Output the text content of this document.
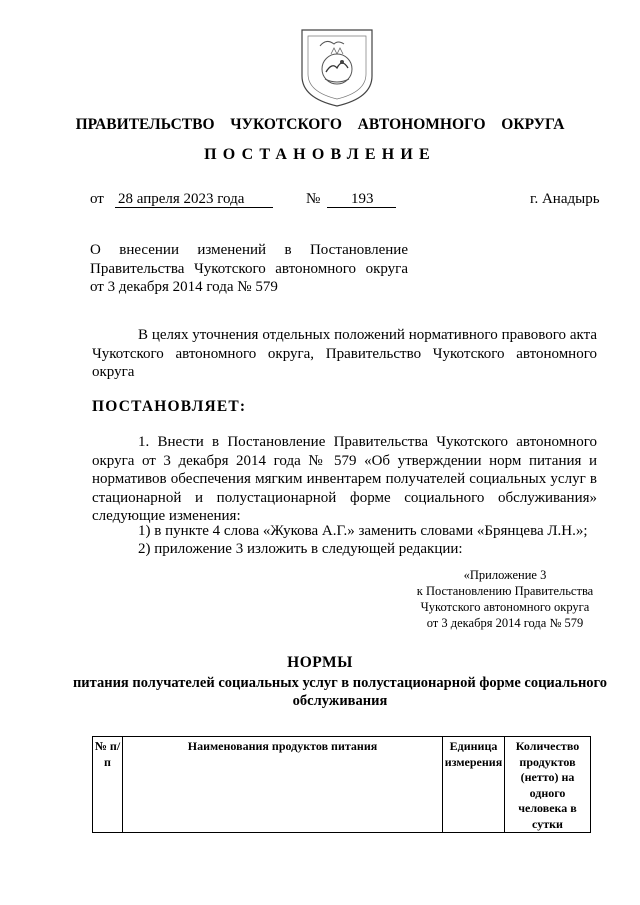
ПРАВИТЕЛЬСТВО  ЧУКОТСКОГО  АВТОНОМНОГО  ОКРУГА
ПОСТАНОВЛЕНИЕ
от 28 апреля 2023 года	№ 193	г. Анадырь
О внесении изменений в Постановление Правительства Чукотского автономного округа от 3 декабря 2014 года № 579
В целях уточнения отдельных положений нормативного правового акта Чукотского автономного округа, Правительство Чукотского автономного округа
ПОСТАНОВЛЯЕТ:
1. Внести в Постановление Правительства Чукотского автономного округа от 3 декабря 2014 года № 579 «Об утверждении норм питания и нормативов обеспечения мягким инвентарем получателей социальных услуг в стационарной и полустационарной форме социального обслуживания» следующие изменения:
1) в пункте 4 слова «Жукова А.Г.» заменить словами «Брянцева Л.Н.»;
2) приложение 3 изложить в следующей редакции:
«Приложение 3
к Постановлению Правительства
Чукотского автономного округа
от 3 декабря 2014 года № 579
НОРМЫ
питания получателей социальных услуг в полустационарной форме социального обслуживания
№ п/п	Наименования продуктов питания	Единица измерения	Количество продуктов (нетто) на одного человека в сутки
